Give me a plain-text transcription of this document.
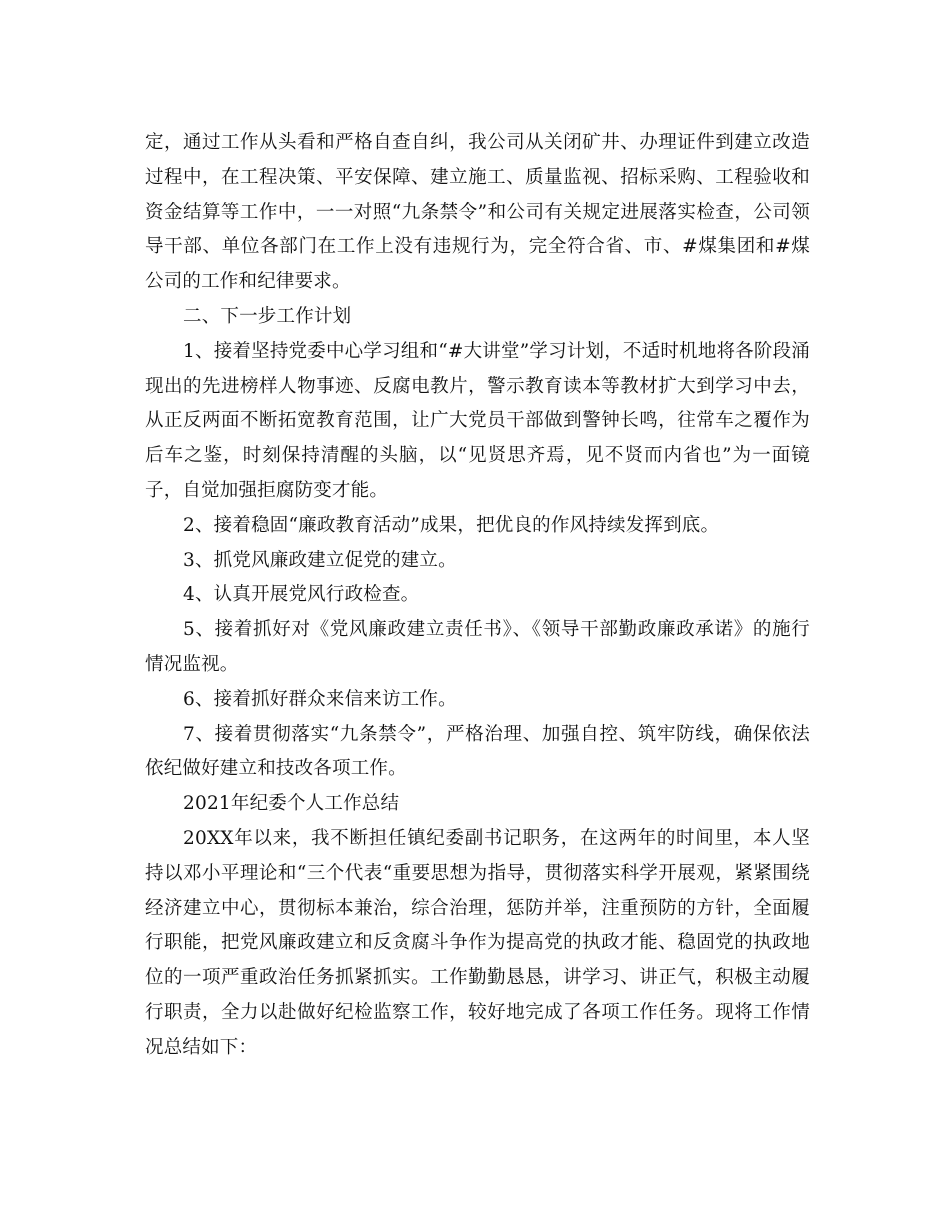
定，通过工作从头看和严格自查自纠，我公司从关闭矿井、办理证件到建立改造过程中，在工程决策、平安保障、建立施工、质量监视、招标采购、工程验收和资金结算等工作中，一一对照“九条禁令”和公司有关规定进展落实检查，公司领导干部、单位各部门在工作上没有违规行为，完全符合省、市、#煤集团和#煤公司的工作和纪律要求。

二、下一步工作计划

1、接着坚持党委中心学习组和“#大讲堂”学习计划，不适时机地将各阶段涌现出的先进榜样人物事迹、反腐电教片，警示教育读本等教材扩大到学习中去，从正反两面不断拓宽教育范围，让广大党员干部做到警钟长鸣，往常车之覆作为后车之鉴，时刻保持清醒的头脑，以“见贤思齐焉，见不贤而内省也”为一面镜子，自觉加强拒腐防变才能。

2、接着稳固“廉政教育活动”成果，把优良的作风持续发挥到底。

3、抓党风廉政建立促党的建立。

4、认真开展党风行政检查。

5、接着抓好对《党风廉政建立责任书》、《领导干部勤政廉政承诺》的施行情况监视。

6、接着抓好群众来信来访工作。

7、接着贯彻落实“九条禁令”，严格治理、加强自控、筑牢防线，确保依法依纪做好建立和技改各项工作。

2021年纪委个人工作总结

20XX年以来，我不断担任镇纪委副书记职务，在这两年的时间里，本人坚持以邓小平理论和“三个代表“重要思想为指导，贯彻落实科学开展观，紧紧围绕经济建立中心，贯彻标本兼治，综合治理，惩防并举，注重预防的方针，全面履行职能，把党风廉政建立和反贪腐斗争作为提高党的执政才能、稳固党的执政地位的一项严重政治任务抓紧抓实。工作勤勤恳恳，讲学习、讲正气，积极主动履行职责，全力以赴做好纪检监察工作，较好地完成了各项工作任务。现将工作情况总结如下：
